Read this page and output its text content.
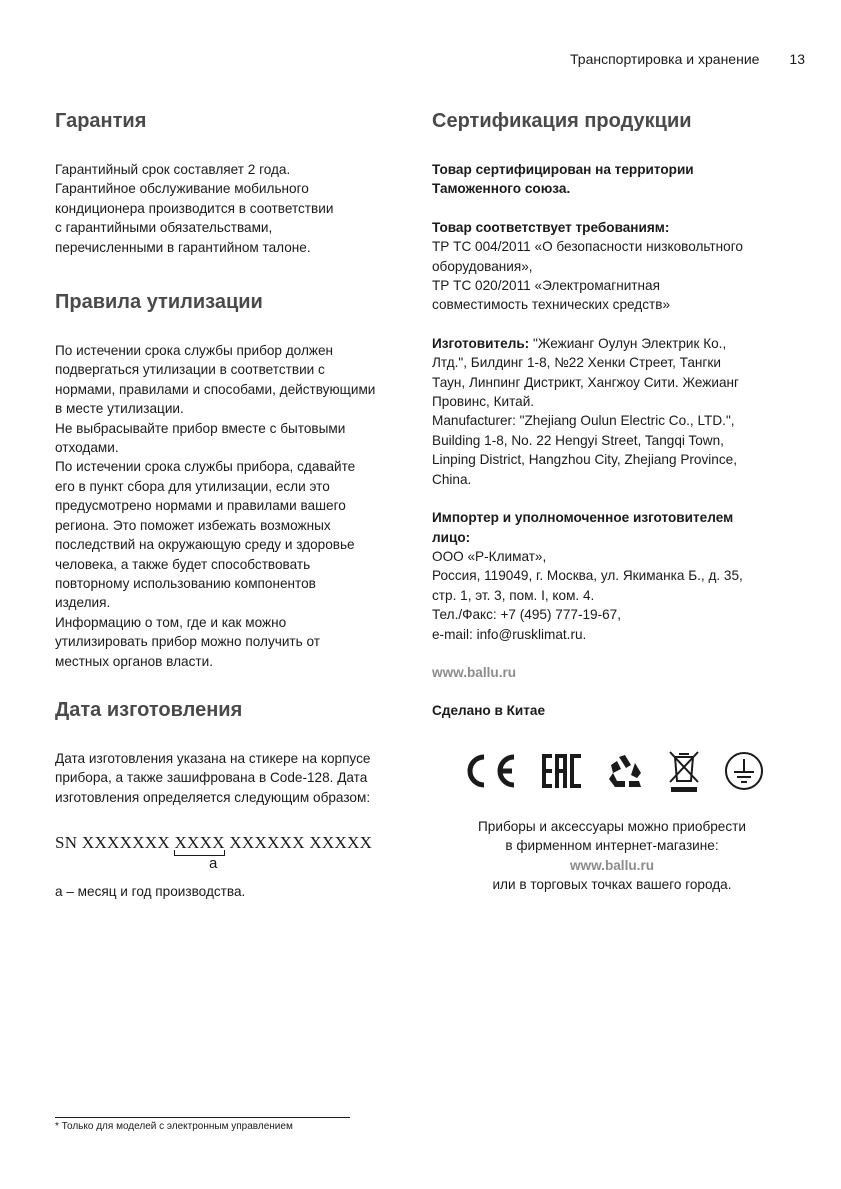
Транспортировка и хранение 13
Гарантия

Гарантийный срок составляет 2 года.
Гарантийное обслуживание мобильного
кондиционера производится в соответствии
с гарантийными обязательствами,
перечисленными в гарантийном талоне.

Правила утилизации

По истечении срока службы прибор должен
подвергаться утилизации в соответствии с
нормами, правилами и способами, действующими
в месте утилизации.
Не выбрасывайте прибор вместе с бытовыми
отходами.
По истечении срока службы прибора, сдавайте
его в пункт сбора для утилизации, если это
предусмотрено нормами и правилами вашего
региона. Это поможет избежать возможных
последствий на окружающую среду и здоровье
человека, а также будет способствовать
повторному использованию компонентов
изделия.
Информацию о том, где и как можно
утилизировать прибор можно получить от
местных органов власти.

Дата изготовления

Дата изготовления указана на стикере на корпусе
прибора, а также зашифрована в Code-128. Дата
изготовления определяется следующим образом:

SN XXXXXXX XXXX XXXXXX XXXXX
a

а – месяц и год производства.

Сертификация продукции

Товар сертифицирован на территории
Таможенного союза.

Товар соответствует требованиям:
ТР ТС 004/2011 «О безопасности низковольтного
оборудования»,
ТР ТС 020/2011 «Электромагнитная
совместимость технических средств»

Изготовитель: "Жежианг Оулун Электрик Ко.,
Лтд.", Билдинг 1-8, №22 Хенки Стреет, Тангки
Таун, Линпинг Дистрикт, Хангжоу Сити. Жежианг
Провинс, Китай.
Manufacturer: "Zhejiang Oulun Electric Co., LTD.",
Building 1-8, No. 22 Hengyi Street, Tangqi Town,
Linping District, Hangzhou City, Zhejiang Province,
China.

Импортер и уполномоченное изготовителем
лицо:
ООО «Р-Климат»,
Россия, 119049, г. Москва, ул. Якиманка Б., д. 35,
стр. 1, эт. 3, пом. I, ком. 4.
Тел./Факс: +7 (495) 777-19-67,
e-mail: info@rusklimat.ru.

www.ballu.ru

Сделано в Китае

Приборы и аксессуары можно приобрести

в фирменном интернет-магазине:

www.ballu.ru

или в торговых точках вашего города.

* Только для моделей с электронным управлением
